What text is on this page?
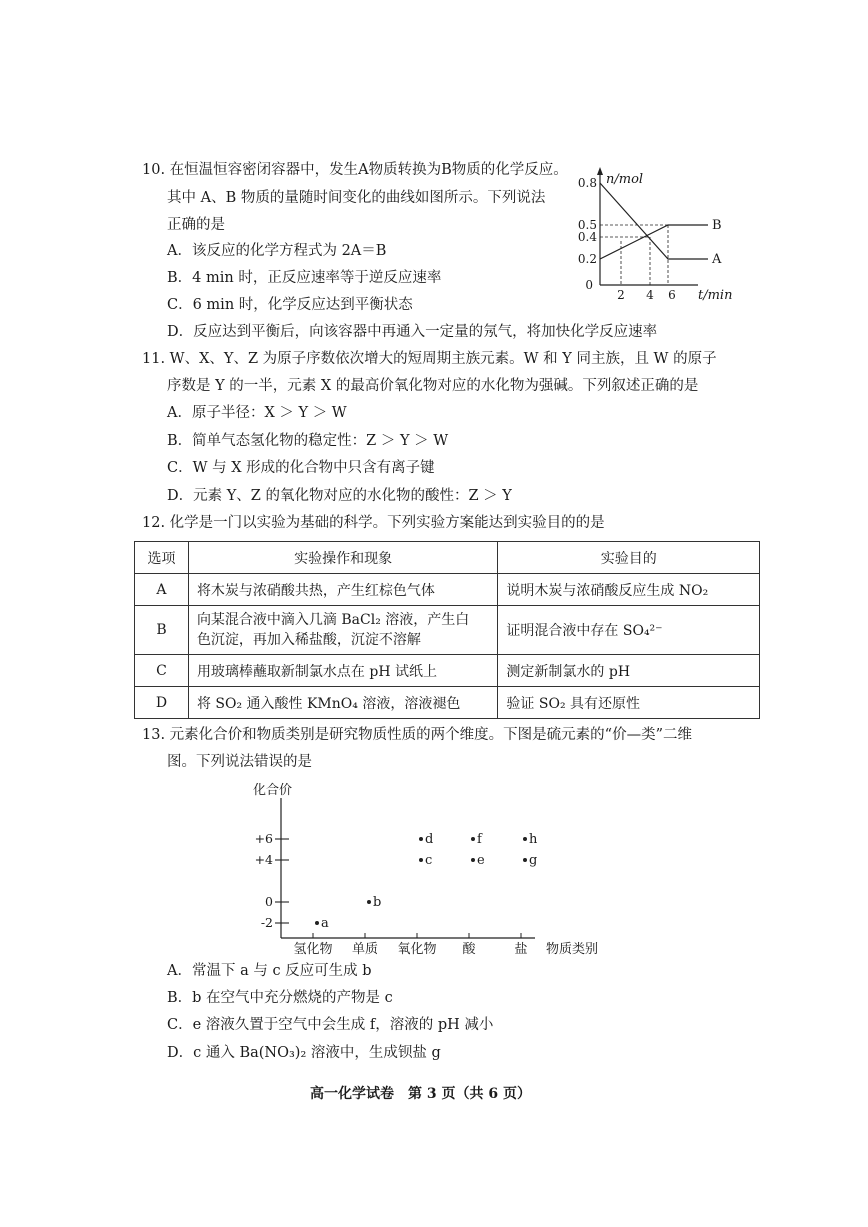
10. 在恒温恒容密闭容器中，发生A物质转换为B物质的化学反应。
其中 A、B 物质的量随时间变化的曲线如图所示。下列说法
正确的是
A．该反应的化学方程式为 2A＝B
B．4 min 时，正反应速率等于逆反应速率
C．6 min 时，化学反应达到平衡状态
D．反应达到平衡后，向该容器中再通入一定量的氖气，将加快化学反应速率
n/mol
0.8
0.5
0.4
0.2
0
2 4 6 t/min
B
A
11. W、X、Y、Z 为原子序数依次增大的短周期主族元素。W 和 Y 同主族，且 W 的原子
序数是 Y 的一半，元素 X 的最高价氧化物对应的水化物为强碱。下列叙述正确的是
A．原子半径：X ＞ Y ＞ W
B．简单气态氢化物的稳定性：Z ＞ Y ＞ W
C．W 与 X 形成的化合物中只含有离子键
D．元素 Y、Z 的氧化物对应的水化物的酸性：Z ＞ Y
12. 化学是一门以实验为基础的科学。下列实验方案能达到实验目的的是
选项	实验操作和现象	实验目的
A	将木炭与浓硝酸共热，产生红棕色气体	说明木炭与浓硝酸反应生成 NO₂
B	向某混合液中滴入几滴 BaCl₂ 溶液，产生白
色沉淀，再加入稀盐酸，沉淀不溶解	证明混合液中存在 SO₄²⁻
C	用玻璃棒蘸取新制氯水点在 pH 试纸上	测定新制氯水的 pH
D	将 SO₂ 通入酸性 KMnO₄ 溶液，溶液褪色	验证 SO₂ 具有还原性
13. 元素化合价和物质类别是研究物质性质的两个维度。下图是硫元素的“价—类”二维
图。下列说法错误的是
化合价
物质类别
+6
+4
0
-2
氢化物 单质 氧化物 酸	盐
a
b
c
d
e
f
g
h
A．常温下 a 与 c 反应可生成 b
B．b 在空气中充分燃烧的产物是 c
C．e 溶液久置于空气中会生成 f，溶液的 pH 减小
D．c 通入 Ba(NO₃)₂ 溶液中，生成钡盐 g
高一化学试卷　第 3 页（共 6 页）
